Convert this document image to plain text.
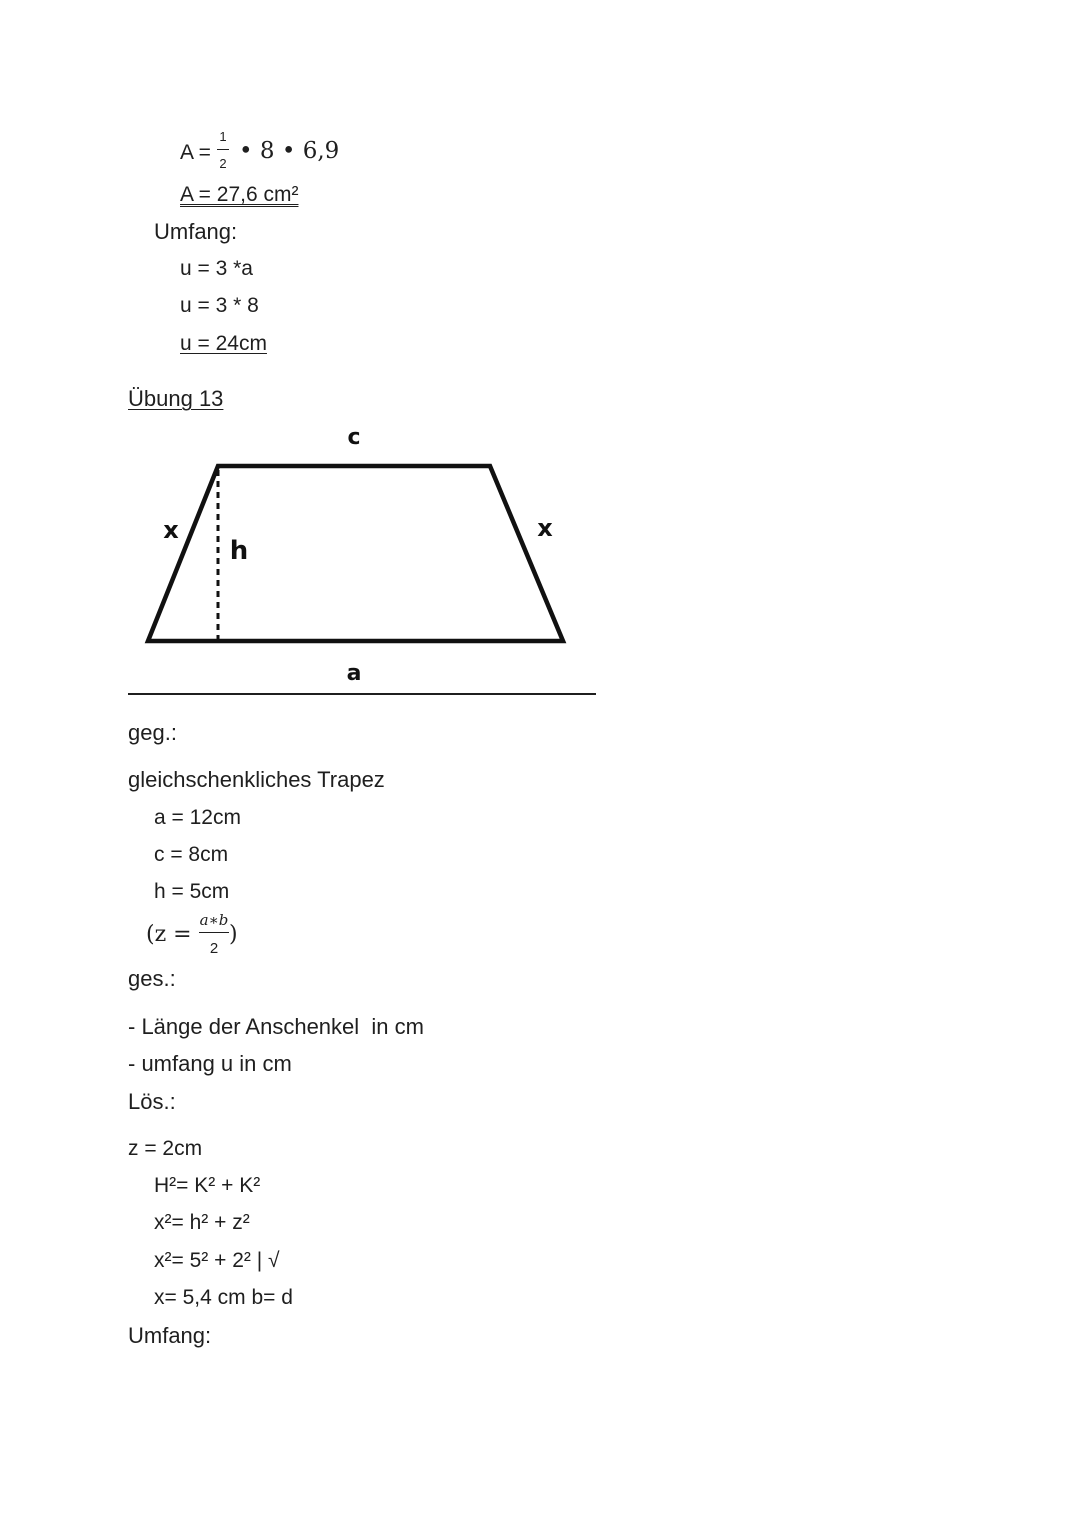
A =
1
2 • 8 • 6,9
A = 27,6 cm²
Umfang:
u = 3 *a
u = 3 * 8
u = 24cm
Übung 13
c
a
x	x
h
geg.:
gleichschenkliches Trapez
a = 12cm
c = 8cm
h = 5cm
(z =
a∗b
2
)
ges.:
- Länge der Anschenkel  in cm
- umfang u in cm
Lös.:
z = 2cm
H²= K² + K²
x²= h² + z²
x²= 5² + 2² | √
x= 5,4 cm b= d
Umfang:
